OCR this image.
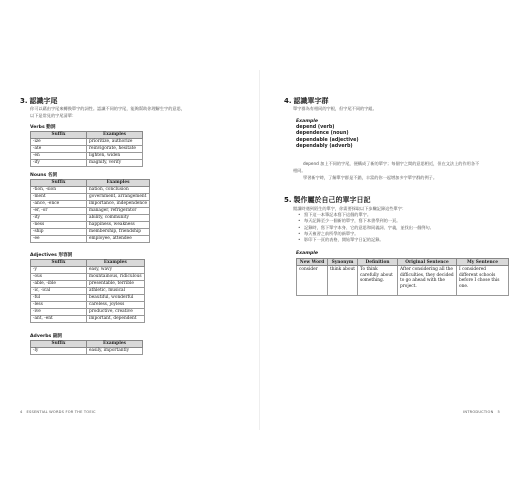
3. 認識字尾
你可以藉由字尾來轉換單字的詞性。認識不同的字尾，能夠幫助你理解生字的意思，
以下是常見的字尾清單：
Verbs 動詞
Suffix	Examples
-ize	prioritize, authorize
-ate	reinvigorate, hesitate
-en	lighten, widen
-ify	magnify, verify
Nouns 名詞
Suffix	Examples
-tion, -sion	nation, conclusion
-ment	government, arrangement
-ance, -ence	importance, independence
-er, -or	manager, refrigerator
-ity	ability, community
-ness	happiness, weakness
-ship	membership, friendship
-ee	employee, attendee
Adjectives 形容詞
Suffix	Examples
-y	easy, wavy
-ous	mountainous, ridiculous
-able, -ible	presentable, terrible
-ic, -ical	athletic, musical
-ful	beautiful, wonderful
-less	careless, joyless
-ive	productive, creative
-ant, -ent	important, dependent
Adverbs 副詞
Suffix	Examples
-ly	easily, importantly
4 ESSENTIAL WORDS FOR THE TOEIC
4. 認識單字群
單字群為有相同的字根，但字尾不同的字組。
Example
depend (verb)
dependence (noun)
dependable (adjective)
dependably (adverb)
depend 加上不同的字尾，便構成了新的單字；每個字之間的意思相近，但在文法上的作用各不
相同。
學習新字時，了解單字群是不錯，丰富的你一起增加多字單字群的例子。
5. 製作屬於自己的單字日記
閱讀時遇到陌生的單字，你需要採取以下步驟記錄這些單字：
• 寫下這一本筆記本寫下這個的單字。
• 每天記錄至少一個新的單字，寫下本書學到的一頁。
• 記錄時，寫下單字本身、它的意思和同義詞、字義，並找出一個例句。
• 每天複習之前所學的新單字。
• 影印下一頁的表格，開始單字日記的記錄。
Example
New Word	Synonym	Definition	Original Sentence	My Sentence
consider	think about	To think carefully about something.	After considering all the difficulties, they decided to go ahead with the project.	I considered different schools before I chose this one.
INTRODUCTION 5
